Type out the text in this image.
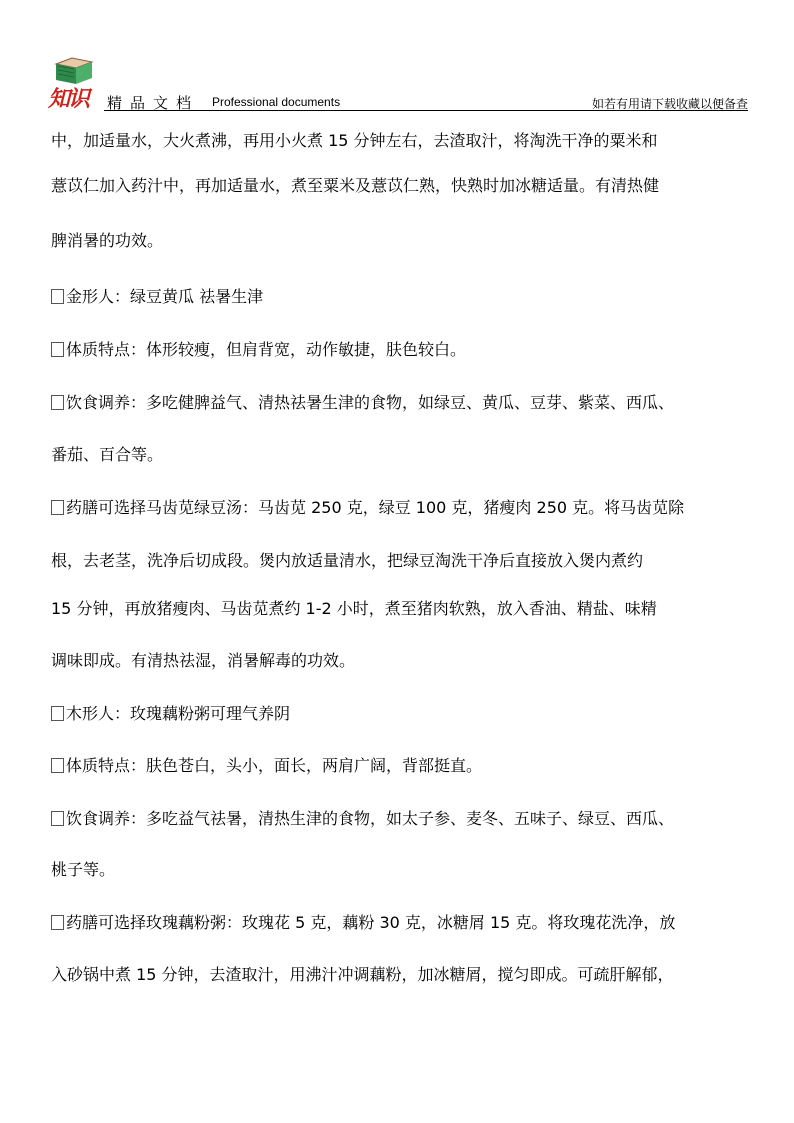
知识 精品文档 Professional documents	如若有用请下载收藏以便备查

中，加适量水，大火煮沸，再用小火煮 15 分钟左右，去渣取汁，将淘洗干净的粟米和

薏苡仁加入药汁中，再加适量水，煮至粟米及薏苡仁熟，快熟时加冰糖适量。有清热健

脾消暑的功效。

金形人：绿豆黄瓜 祛暑生津

体质特点：体形较瘦，但肩背宽，动作敏捷，肤色较白。

饮食调养：多吃健脾益气、清热祛暑生津的食物，如绿豆、黄瓜、豆芽、紫菜、西瓜、

番茄、百合等。

药膳可选择马齿苋绿豆汤：马齿苋 250 克，绿豆 100 克，猪瘦肉 250 克。将马齿苋除

根，去老茎，洗净后切成段。煲内放适量清水，把绿豆淘洗干净后直接放入煲内煮约

15 分钟，再放猪瘦肉、马齿苋煮约 1-2 小时，煮至猪肉软熟，放入香油、精盐、味精

调味即成。有清热祛湿，消暑解毒的功效。

木形人：玫瑰藕粉粥可理气养阴

体质特点：肤色苍白，头小，面长，两肩广阔，背部挺直。

饮食调养：多吃益气祛暑，清热生津的食物，如太子参、麦冬、五味子、绿豆、西瓜、

桃子等。

药膳可选择玫瑰藕粉粥：玫瑰花 5 克，藕粉 30 克，冰糖屑 15 克。将玫瑰花洗净，放

入砂锅中煮 15 分钟，去渣取汁，用沸汁冲调藕粉，加冰糖屑，搅匀即成。可疏肝解郁，
